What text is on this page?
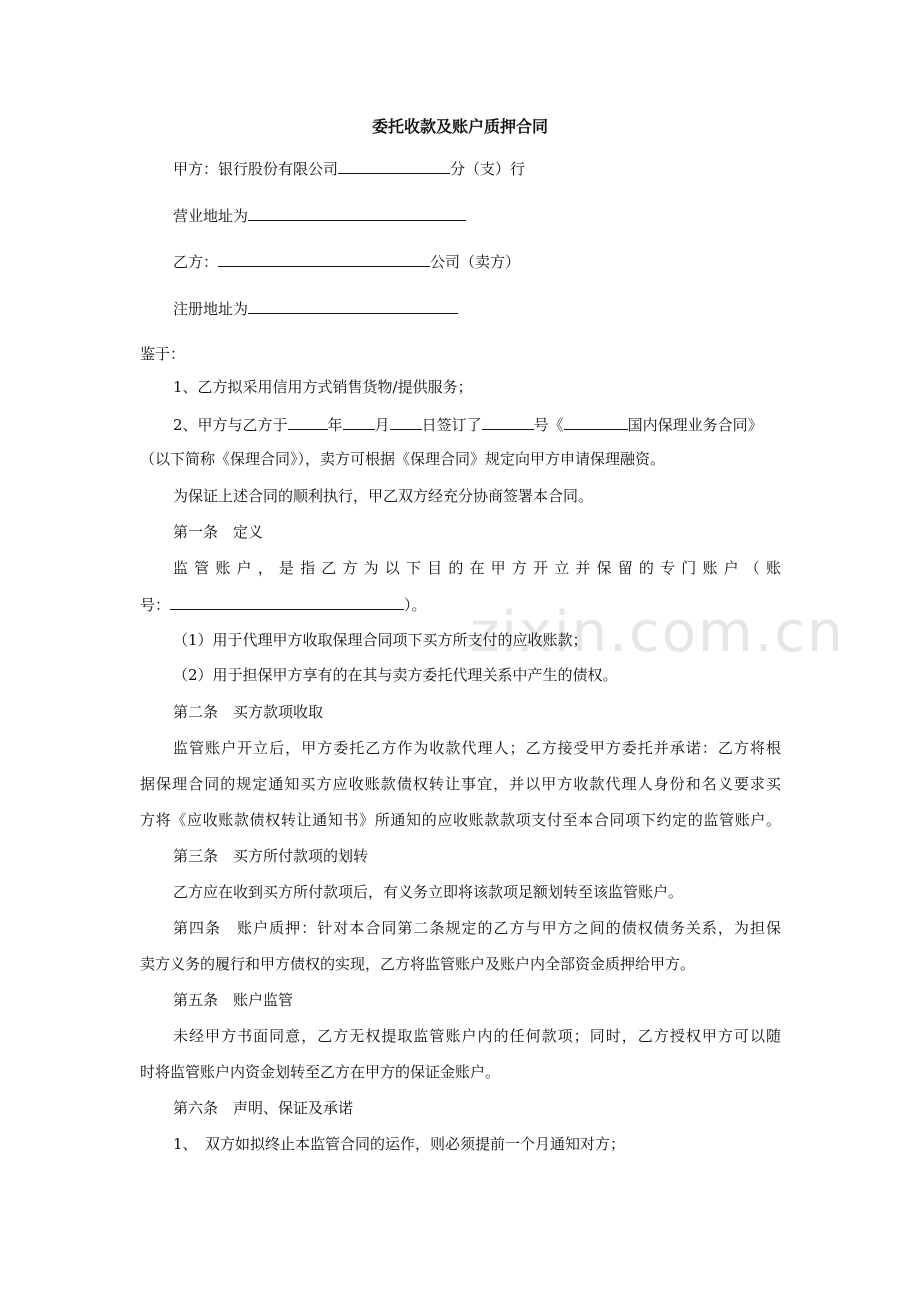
zixin.com.cn
委托收款及账户质押合同
甲方：银行股份有限公司	分（支）行
营业地址为
乙方：	公司（卖方）
注册地址为
鉴于：
1、乙方拟采用信用方式销售货物/提供服务；
2、甲方与乙方于	年 月 日签订了	号《	国内保理业务合同》
（以下简称《保理合同》），卖方可根据《保理合同》规定向甲方申请保理融资。
为保证上述合同的顺利执行，甲乙双方经充分协商签署本合同。
第一条　定义
监管账户，是指乙方为以下目的在甲方开立并保留的专门账户（账
号：	）。
（1）用于代理甲方收取保理合同项下买方所支付的应收账款；
（2）用于担保甲方享有的在其与卖方委托代理关系中产生的债权。
第二条　买方款项收取
监管账户开立后，甲方委托乙方作为收款代理人；乙方接受甲方委托并承诺：乙方将根
据保理合同的规定通知买方应收账款债权转让事宜，并以甲方收款代理人身份和名义要求买
方将《应收账款债权转让通知书》所通知的应收账款款项支付至本合同项下约定的监管账户。
第三条　买方所付款项的划转
乙方应在收到买方所付款项后，有义务立即将该款项足额划转至该监管账户。
第四条　账户质押：针对本合同第二条规定的乙方与甲方之间的债权债务关系，为担保
卖方义务的履行和甲方债权的实现，乙方将监管账户及账户内全部资金质押给甲方。
第五条　账户监管
未经甲方书面同意，乙方无权提取监管账户内的任何款项；同时，乙方授权甲方可以随
时将监管账户内资金划转至乙方在甲方的保证金账户。
第六条　声明、保证及承诺
1、　双方如拟终止本监管合同的运作，则必须提前一个月通知对方；
